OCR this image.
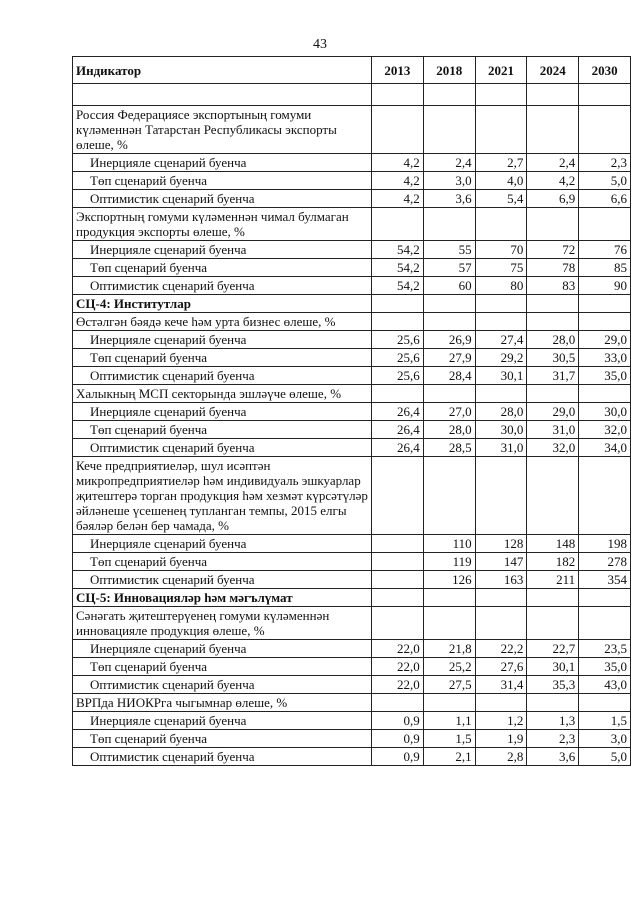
43
Индикатор	2013	2018	2021	2024	2030

Россия Федерациясе экспортының гомуми күләменнән Татарстан Республикасы экспорты өлеше, %					
Инерцияле сценарий буенча	4,2	2,4	2,7	2,4	2,3
Төп сценарий буенча	4,2	3,0	4,0	4,2	5,0
Оптимистик сценарий буенча	4,2	3,6	5,4	6,9	6,6
Экспортның гомуми күләменнән чимал булмаган продукция экспорты өлеше, %					
Инерцияле сценарий буенча	54,2	55	70	72	76
Төп сценарий буенча	54,2	57	75	78	85
Оптимистик сценарий буенча	54,2	60	80	83	90
СЦ-4: Институтлар					
Өстәлгән бәядә кече һәм урта бизнес өлеше, %					
Инерцияле сценарий буенча	25,6	26,9	27,4	28,0	29,0
Төп сценарий буенча	25,6	27,9	29,2	30,5	33,0
Оптимистик сценарий буенча	25,6	28,4	30,1	31,7	35,0
Халыкның МСП секторында эшләүче өлеше, %					
Инерцияле сценарий буенча	26,4	27,0	28,0	29,0	30,0
Төп сценарий буенча	26,4	28,0	30,0	31,0	32,0
Оптимистик сценарий буенча	26,4	28,5	31,0	32,0	34,0
Кече предприятиеләр, шул исәптән микропредприятиеләр һәм индивидуаль эшкуарлар җитештерә торган продукция һәм хезмәт күрсәтүләр әйләнеше үсешенең тупланган темпы, 2015 елгы бәяләр белән бер чамада, %					
Инерцияле сценарий буенча		110	128	148	198
Төп сценарий буенча		119	147	182	278
Оптимистик сценарий буенча		126	163	211	354
СЦ-5: Инновацияләр һәм мәгълүмат					
Сәнәгать җитештерүенең гомуми күләменнән инновацияле продукция өлеше, %					
Инерцияле сценарий буенча	22,0	21,8	22,2	22,7	23,5
Төп сценарий буенча	22,0	25,2	27,6	30,1	35,0
Оптимистик сценарий буенча	22,0	27,5	31,4	35,3	43,0
ВРПда НИОКРга чыгымнар өлеше, %					
Инерцияле сценарий буенча	0,9	1,1	1,2	1,3	1,5
Төп сценарий буенча	0,9	1,5	1,9	2,3	3,0
Оптимистик сценарий буенча	0,9	2,1	2,8	3,6	5,0
